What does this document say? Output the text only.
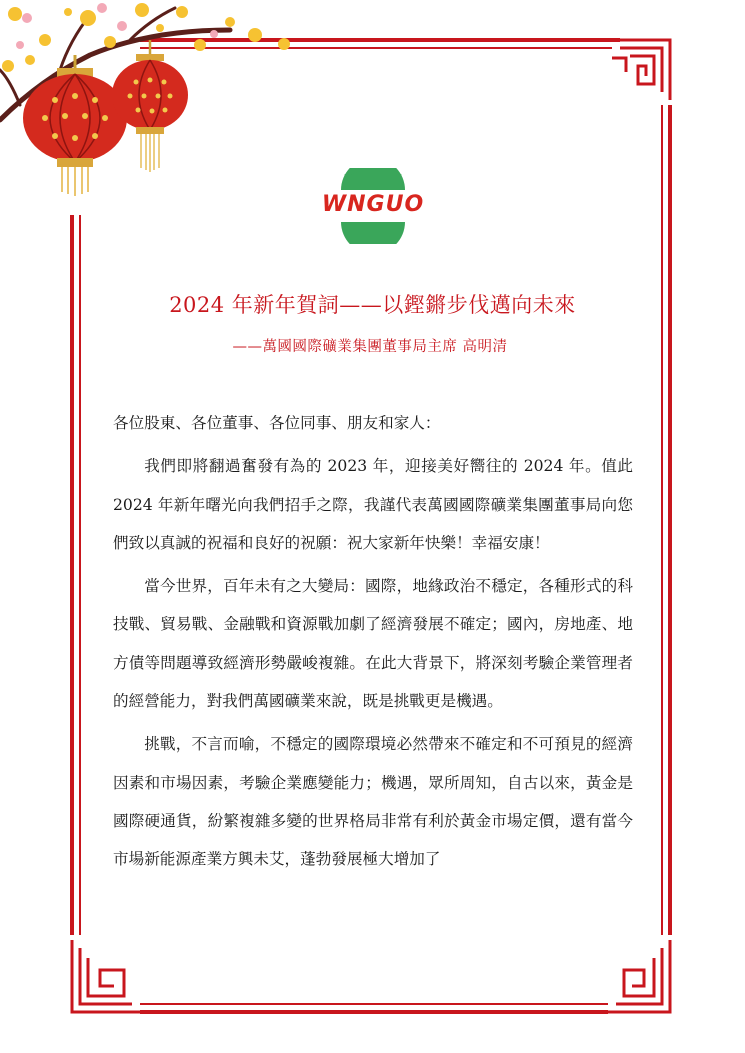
WNGUO
2024 年新年賀詞——以鏗鏘步伐邁向未來
——萬國國際礦業集團董事局主席 高明清

各位股東、各位董事、各位同事、朋友和家人：

我們即將翻過奮發有為的 2023 年，迎接美好嚮往的 2024 年。值此 2024 年新年曙光向我們招手之際，我謹代表萬國國際礦業集團董事局向您們致以真誠的祝福和良好的祝願：祝大家新年快樂！幸福安康！

當今世界，百年未有之大變局：國際，地緣政治不穩定，各種形式的科技戰、貿易戰、金融戰和資源戰加劇了經濟發展不確定；國內，房地產、地方債等問題導致經濟形勢嚴峻複雜。在此大背景下，將深刻考驗企業管理者的經營能力，對我們萬國礦業來說，既是挑戰更是機遇。

挑戰，不言而喻，不穩定的國際環境必然帶來不確定和不可預見的經濟因素和市場因素，考驗企業應變能力；機遇，眾所周知，自古以來，黃金是國際硬通貨，紛繁複雜多變的世界格局非常有利於黃金市場定價，還有當今市場新能源產業方興未艾，蓬勃發展極大增加了
